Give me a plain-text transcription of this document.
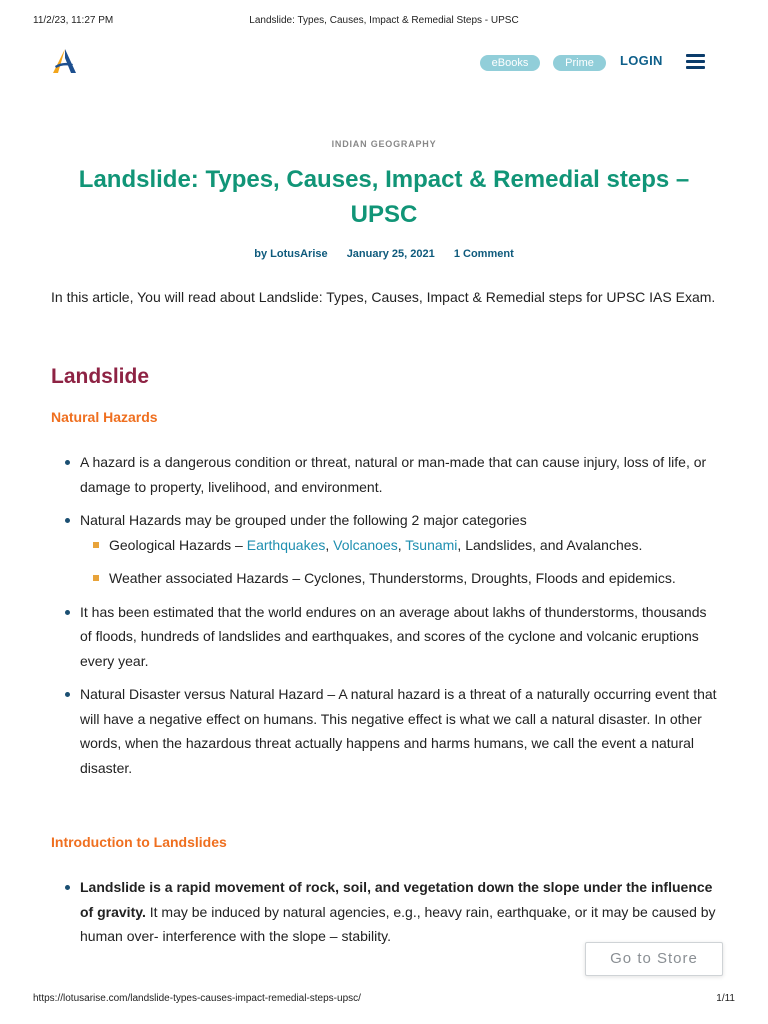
11/2/23, 11:27 PM	Landslide: Types, Causes, Impact & Remedial Steps - UPSC
eBooks	Prime	LOGIN
INDIAN GEOGRAPHY
Landslide: Types, Causes, Impact & Remedial steps – UPSC
by LotusArise January 25, 2021 1 Comment

In this article, You will read about Landslide: Types, Causes, Impact & Remedial steps for UPSC IAS Exam.

Landslide
Natural Hazards
A hazard is a dangerous condition or threat, natural or man-made that can cause injury, loss of life, or damage to property, livelihood, and environment.
Natural Hazards may be grouped under the following 2 major categories
Geological Hazards – Earthquakes, Volcanoes, Tsunami, Landslides, and Avalanches.
Weather associated Hazards – Cyclones, Thunderstorms, Droughts, Floods and epidemics.
It has been estimated that the world endures on an average about lakhs of thunderstorms, thousands of floods, hundreds of landslides and earthquakes, and scores of the cyclone and volcanic eruptions every year.
Natural Disaster versus Natural Hazard – A natural hazard is a threat of a naturally occurring event that will have a negative effect on humans. This negative effect is what we call a natural disaster. In other words, when the hazardous threat actually happens and harms humans, we call the event a natural disaster.
Introduction to Landslides
Landslide is a rapid movement of rock, soil, and vegetation down the slope under the influence of gravity. It may be induced by natural agencies, e.g., heavy rain, earthquake, or it may be caused by human over- interference with the slope – stability.
Go to Store
https://lotusarise.com/landslide-types-causes-impact-remedial-steps-upsc/	1/11
